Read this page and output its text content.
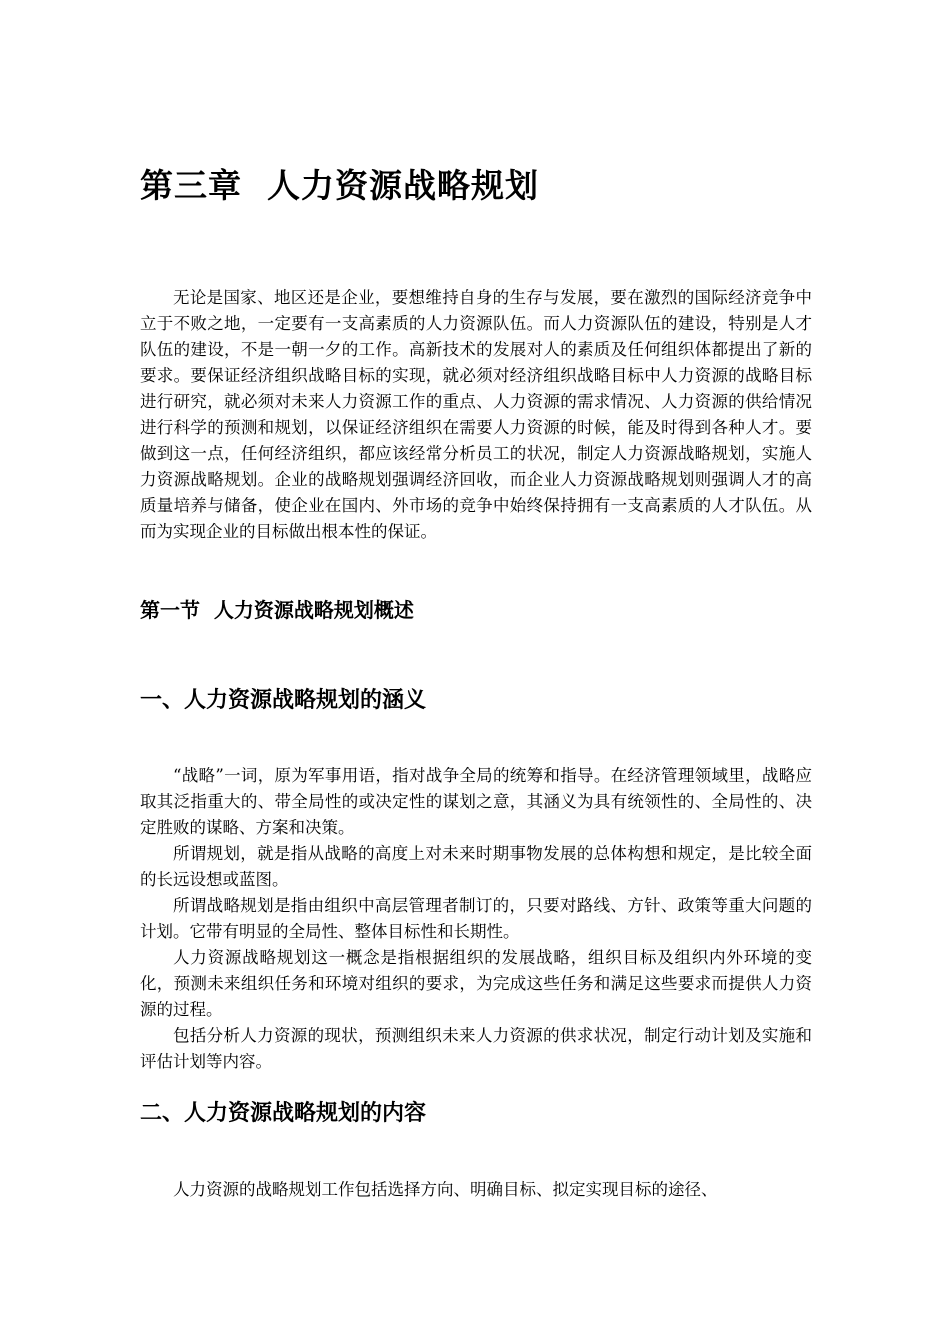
第三章  人力资源战略规划

无论是国家、地区还是企业，要想维持自身的生存与发展，要在激烈的国际经济竞争中立于不败之地，一定要有一支高素质的人力资源队伍。而人力资源队伍的建设，特别是人才队伍的建设，不是一朝一夕的工作。高新技术的发展对人的素质及任何组织体都提出了新的要求。要保证经济组织战略目标的实现，就必须对经济组织战略目标中人力资源的战略目标进行研究，就必须对未来人力资源工作的重点、人力资源的需求情况、人力资源的供给情况进行科学的预测和规划，以保证经济组织在需要人力资源的时候，能及时得到各种人才。要做到这一点，任何经济组织，都应该经常分析员工的状况，制定人力资源战略规划，实施人力资源战略规划。企业的战略规划强调经济回收，而企业人力资源战略规划则强调人才的高质量培养与储备，使企业在国内、外市场的竞争中始终保持拥有一支高素质的人才队伍。从而为实现企业的目标做出根本性的保证。

第一节  人力资源战略规划概述
一、人力资源战略规划的涵义

“战略”一词，原为军事用语，指对战争全局的统筹和指导。在经济管理领域里，战略应取其泛指重大的、带全局性的或决定性的谋划之意，其涵义为具有统领性的、全局性的、决定胜败的谋略、方案和决策。

所谓规划，就是指从战略的高度上对未来时期事物发展的总体构想和规定，是比较全面的长远设想或蓝图。

所谓战略规划是指由组织中高层管理者制订的，只要对路线、方针、政策等重大问题的计划。它带有明显的全局性、整体目标性和长期性。

人力资源战略规划这一概念是指根据组织的发展战略，组织目标及组织内外环境的变化，预测未来组织任务和环境对组织的要求，为完成这些任务和满足这些要求而提供人力资源的过程。

包括分析人力资源的现状，预测组织未来人力资源的供求状况，制定行动计划及实施和评估计划等内容。

二、人力资源战略规划的内容

人力资源的战略规划工作包括选择方向、明确目标、拟定实现目标的途径、
